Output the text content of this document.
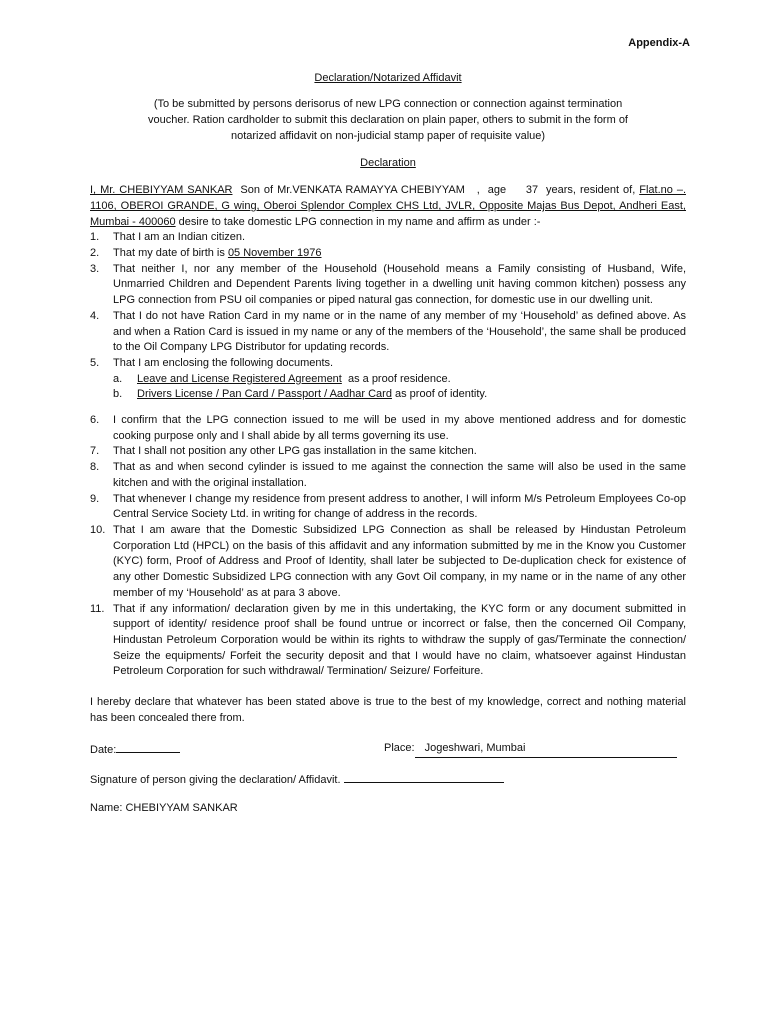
Appendix-A
Declaration/Notarized Affidavit
(To be submitted by persons derisorus of new LPG connection or connection against termination
voucher. Ration cardholder to submit this declaration on plain paper, others to submit in the form of
notarized affidavit on non-judicial stamp paper of requisite value)
Declaration
I, Mr. CHEBIYYAM SANKAR  Son of Mr.VENKATA RAMAYYA CHEBIYYAM   ,  age     37  years, resident of, Flat.no –. 1106, OBEROI GRANDE, G wing, Oberoi Splendor Complex CHS Ltd, JVLR, Opposite Majas Bus Depot, Andheri East, Mumbai - 400060 desire to take domestic LPG connection in my name and affirm as under :-
1.	That I am an Indian citizen.
2.	That my date of birth is 05 November 1976
3.	That neither I, nor any member of the Household (Household means a Family consisting of Husband, Wife, Unmarried Children and Dependent Parents living together in a dwelling unit having common kitchen) possess any LPG connection from PSU oil companies or piped natural gas connection, for domestic use in our dwelling unit.
4.	That I do not have Ration Card in my name or in the name of any member of my ‘Household’ as defined above. As and when a Ration Card is issued in my name or any of the members of the ‘Household’, the same shall be produced to the Oil Company LPG Distributor for updating records.
5.	That I am enclosing the following documents.
a.	Leave and License Registered Agreement  as a proof residence.
b.	Drivers License / Pan Card / Passport / Aadhar Card as proof of identity.
6.	I confirm that the LPG connection issued to me will be used in my above mentioned address and for domestic cooking purpose only and I shall abide by all terms governing its use.
7.	That I shall not position any other LPG gas installation in the same kitchen.
8.	That as and when second cylinder is issued to me against the connection the same will also be used in the same kitchen and with the original installation.
9.	That whenever I change my residence from present address to another, I will inform M/s Petroleum Employees Co-op Central Service Society Ltd. in writing for change of address in the records.
10. That I am aware that the Domestic Subsidized LPG Connection as shall be released by Hindustan Petroleum Corporation Ltd (HPCL) on the basis of this affidavit and any information submitted by me in the Know you Customer (KYC) form, Proof of Address and Proof of Identity, shall later be subjected to De-duplication check for existence of any other Domestic Subsidized LPG connection with any Govt Oil company, in my name or in the name of any other member of my ‘Household’ as at para 3 above.
11. That if any information/ declaration given by me in this undertaking, the KYC form or any document submitted in support of identity/ residence proof shall be found untrue or incorrect or false, then the concerned Oil Company, Hindustan Petroleum Corporation would be within its rights to withdraw the supply of gas/Terminate the connection/ Seize the equipments/ Forfeit the security deposit and that I would have no claim, whatsoever against Hindustan Petroleum Corporation for such withdrawal/ Termination/ Seizure/ Forfeiture.
I hereby declare that whatever has been stated above is true to the best of my knowledge, correct and nothing material has been concealed there from.
Date:	Place: Jogeshwari, Mumbai
Signature of person giving the declaration/ Affidavit.
Name: CHEBIYYAM SANKAR
